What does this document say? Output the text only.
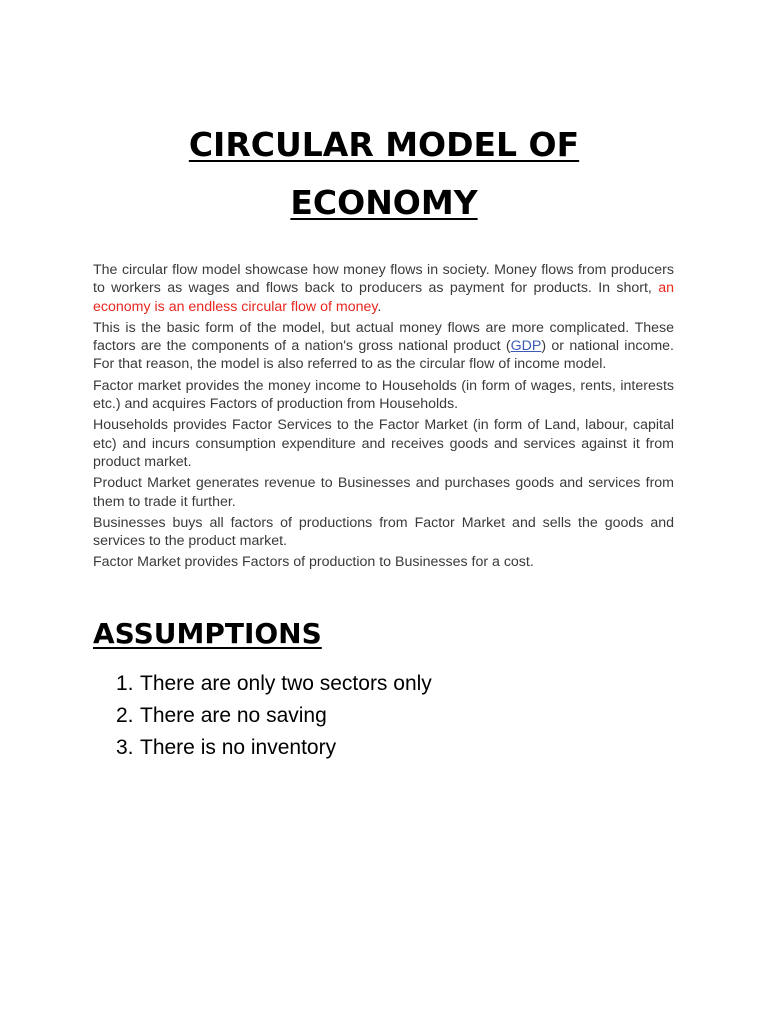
CIRCULAR MODEL OF
ECONOMY

The circular flow model showcase how money flows in society. Money flows from producers to workers as wages and flows back to producers as payment for products. In short, an economy is an endless circular flow of money.

This is the basic form of the model, but actual money flows are more complicated. These factors are the components of a nation's gross national product (GDP) or national income. For that reason, the model is also referred to as the circular flow of income model.

Factor market provides the money income to Households (in form of wages, rents, interests etc.) and acquires Factors of production from Households.

Households provides Factor Services to the Factor Market (in form of Land, labour, capital etc) and incurs consumption expenditure and receives goods and services against it from product market.

Product Market generates revenue to Businesses and purchases goods and services from them to trade it further.

Businesses buys all factors of productions from Factor Market and sells the goods and services to the product market.

Factor Market provides Factors of production to Businesses for a cost.

ASSUMPTIONS
1. There are only two sectors only
2. There are no saving
3. There is no inventory
